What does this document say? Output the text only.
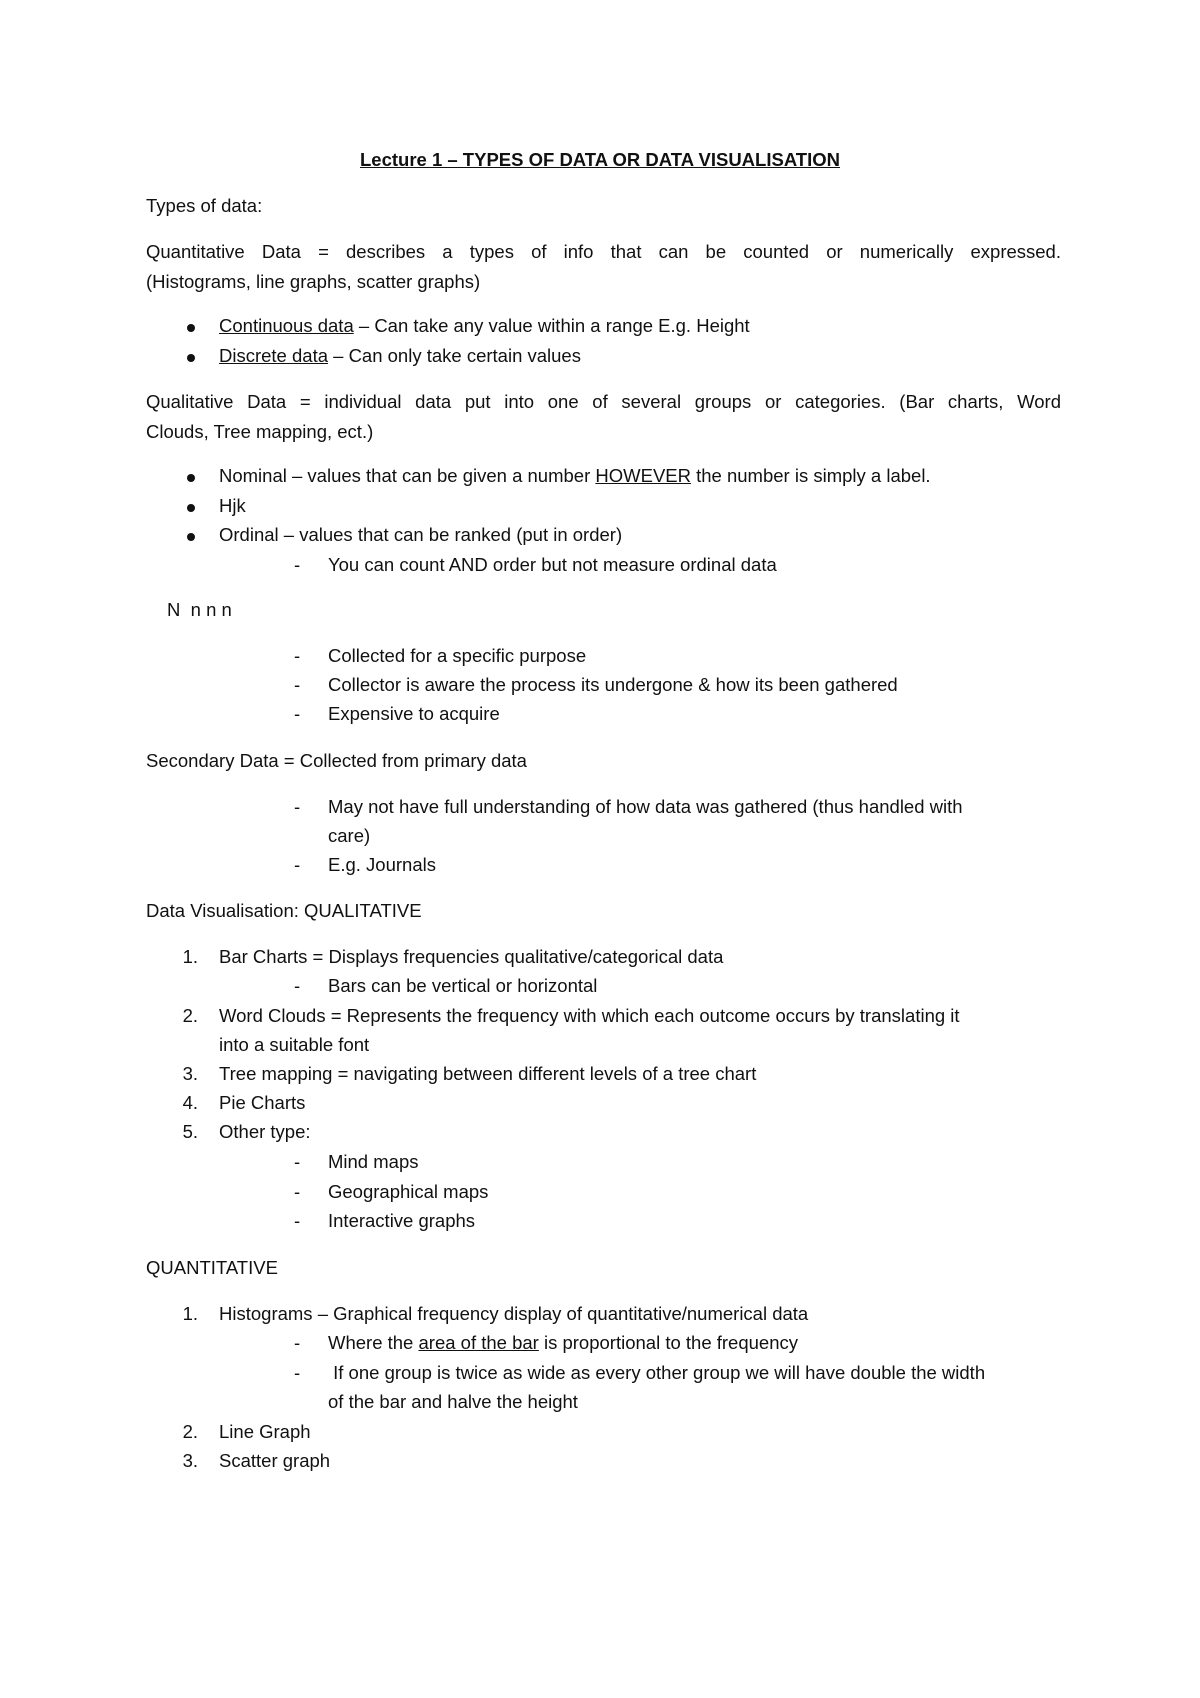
Lecture 1 – TYPES OF DATA OR DATA VISUALISATION
Types of data:
Quantitative Data = describes a types of info that can be counted or numerically expressed.
(Histograms, line graphs, scatter graphs)
Continuous data – Can take any value within a range E.g. Height
Discrete data – Can only take certain values
Qualitative Data = individual data put into one of several groups or categories. (Bar charts, Word
Clouds, Tree mapping, ect.)
Nominal – values that can be given a number HOWEVER the number is simply a label.
Hjk
Ordinal – values that can be ranked (put in order)
- You can count AND order but not measure ordinal data
N  n n n
- Collected for a specific purpose
- Collector is aware the process its undergone & how its been gathered
- Expensive to acquire
Secondary Data = Collected from primary data
- May not have full understanding of how data was gathered (thus handled with
care)
- E.g. Journals
Data Visualisation: QUALITATIVE
1. Bar Charts = Displays frequencies qualitative/categorical data
- Bars can be vertical or horizontal
2. Word Clouds = Represents the frequency with which each outcome occurs by translating it
into a suitable font
3. Tree mapping = navigating between different levels of a tree chart
4. Pie Charts
5. Other type:
- Mind maps
- Geographical maps
- Interactive graphs
QUANTITATIVE
1. Histograms – Graphical frequency display of quantitative/numerical data
- Where the area of the bar is proportional to the frequency
- If one group is twice as wide as every other group we will have double the width
of the bar and halve the height
2. Line Graph
3. Scatter graph
